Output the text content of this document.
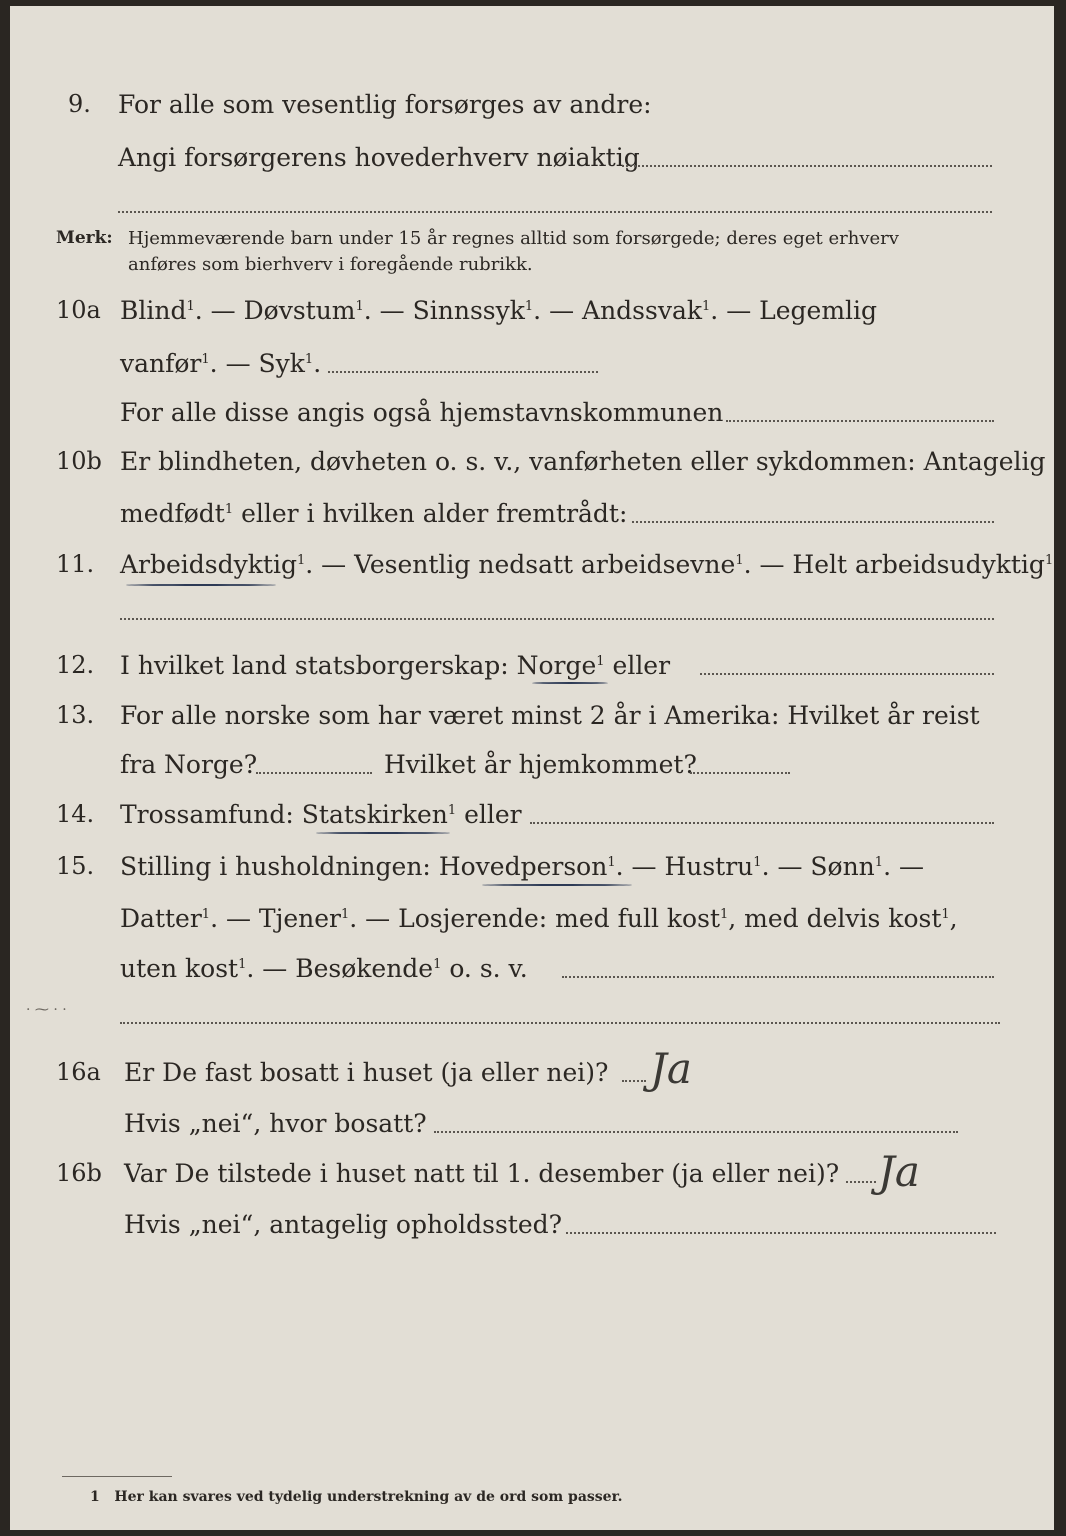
9. For alle som vesentlig forsørges av andre:
Angi forsørgerens hovederhverv nøiaktig
Merk: Hjemmeværende barn under 15 år regnes alltid som forsørgede; deres eget erhverv
anføres som bierhverv i foregående rubrikk.
10a Blind$^1$. — Døvstum$^1$. — Sinnssyk$^1$. — Andssvak$^1$. — Legemlig
vanfør$^1$. — Syk$^1$.
For alle disse angis også hjemstavnskommunen
10b Er blindheten, døvheten o. s. v., vanførheten eller sykdommen: Antagelig
medfødt$^1$ eller i hvilken alder fremtrådt:
11. Arbeidsdyktig$^1$. — Vesentlig nedsatt arbeidsevne$^1$. — Helt arbeidsudyktig$^1$.
12. I hvilket land statsborgerskap: Norge$^1$ eller
13. For alle norske som har været minst 2 år i Amerika: Hvilket år reist
fra Norge?	Hvilket år hjemkommet?
14. Trossamfund: Statskirken$^1$ eller
15. Stilling i husholdningen: Hovedperson$^1$. — Hustru$^1$. — Sønn$^1$. —
Datter$^1$. — Tjener$^1$. — Losjerende: med full kost$^1$, med delvis kost$^1$,
uten kost$^1$. — Besøkende$^1$ o. s. v.
· ⁓ · ·
16a Er De fast bosatt i huset (ja eller nei)? Ja
Hvis „nei“, hvor bosatt?
16b Var De tilstede i huset natt til 1. desember (ja eller nei)? Ja
Hvis „nei“, antagelig opholdssted?
1 Her kan svares ved tydelig understrekning av de ord som passer.
